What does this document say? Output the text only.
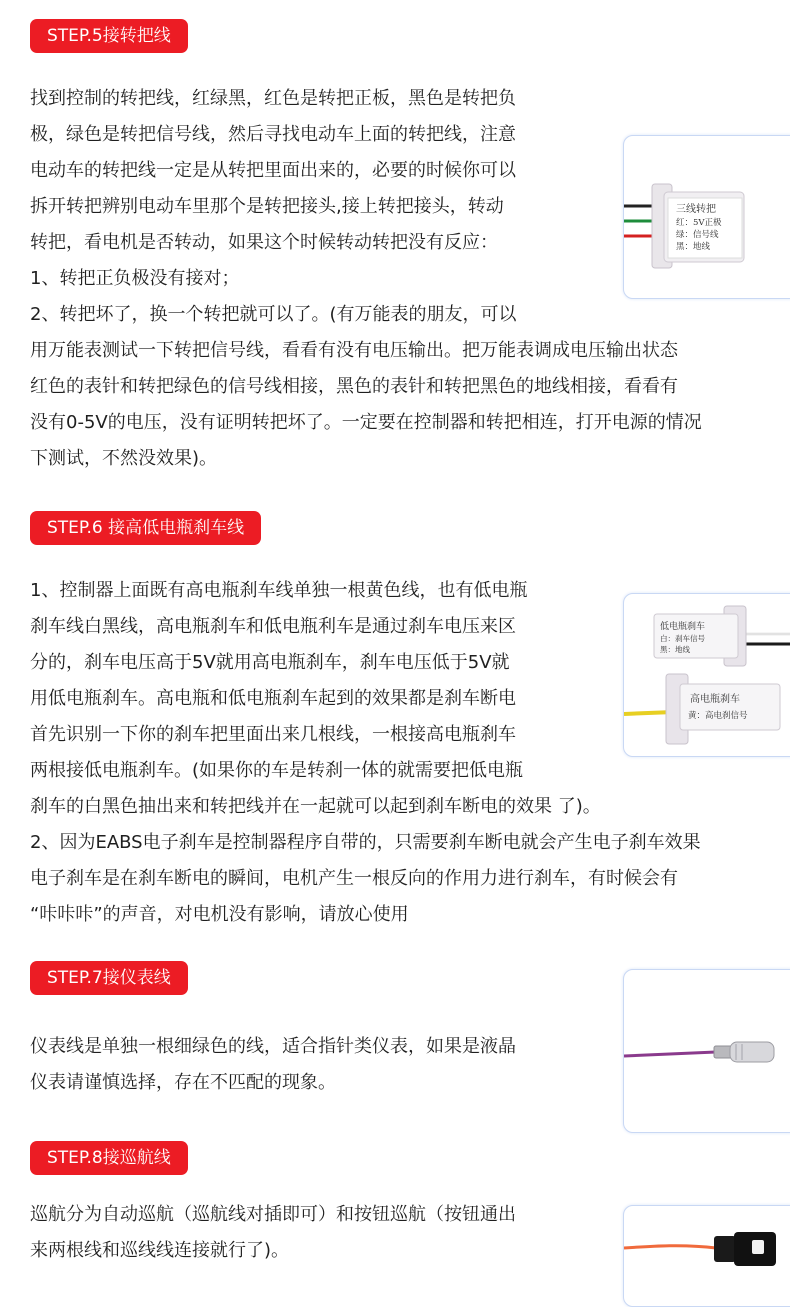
STEP.5接转把线
找到控制的转把线，红绿黑，红色是转把正板，黑色是转把负
极，绿色是转把信号线，然后寻找电动车上面的转把线，注意
电动车的转把线一定是从转把里面出来的，必要的时候你可以
拆开转把辨别电动车里那个是转把接头,接上转把接头，转动
转把，看电机是否转动，如果这个时候转动转把没有反应：
1、转把正负极没有接对；
2、转把坏了，换一个转把就可以了。(有万能表的朋友，可以
用万能表测试一下转把信号线，看看有没有电压输出。把万能表调成电压输出状态
红色的表针和转把绿色的信号线相接，黑色的表针和转把黑色的地线相接，看看有
没有0-5V的电压，没有证明转把坏了。一定要在控制器和转把相连，打开电源的情况
下测试，不然没效果)。
三线转把
红：5V正极
绿：信号线
黑：地线
STEP.6 接高低电瓶刹车线
1、控制器上面既有高电瓶刹车线单独一根黄色线，也有低电瓶
刹车线白黑线，高电瓶刹车和低电瓶利车是通过刹车电压来区
分的，刹车电压高于5V就用高电瓶刹车，刹车电压低于5V就
用低电瓶刹车。高电瓶和低电瓶刹车起到的效果都是刹车断电
首先识别一下你的刹车把里面出来几根线，一根接高电瓶刹车
两根接低电瓶刹车。(如果你的车是转刹一体的就需要把低电瓶
刹车的白黑色抽出来和转把线并在一起就可以起到刹车断电的效果 了)。
2、因为EABS电子刹车是控制器程序自带的，只需要刹车断电就会产生电子刹车效果
电子刹车是在刹车断电的瞬间，电机产生一根反向的作用力进行刹车，有时候会有
“咔咔咔”的声音，对电机没有影响，请放心使用
低电瓶刹车
白：刹车信号
黑：地线
高电瓶刹车
黄：高电刹信号
STEP.7接仪表线
仪表线是单独一根细绿色的线，适合指针类仪表，如果是液晶
仪表请谨慎选择，存在不匹配的现象。
STEP.8接巡航线
巡航分为自动巡航（巡航线对插即可）和按钮巡航（按钮通出
来两根线和巡线线连接就行了)。
